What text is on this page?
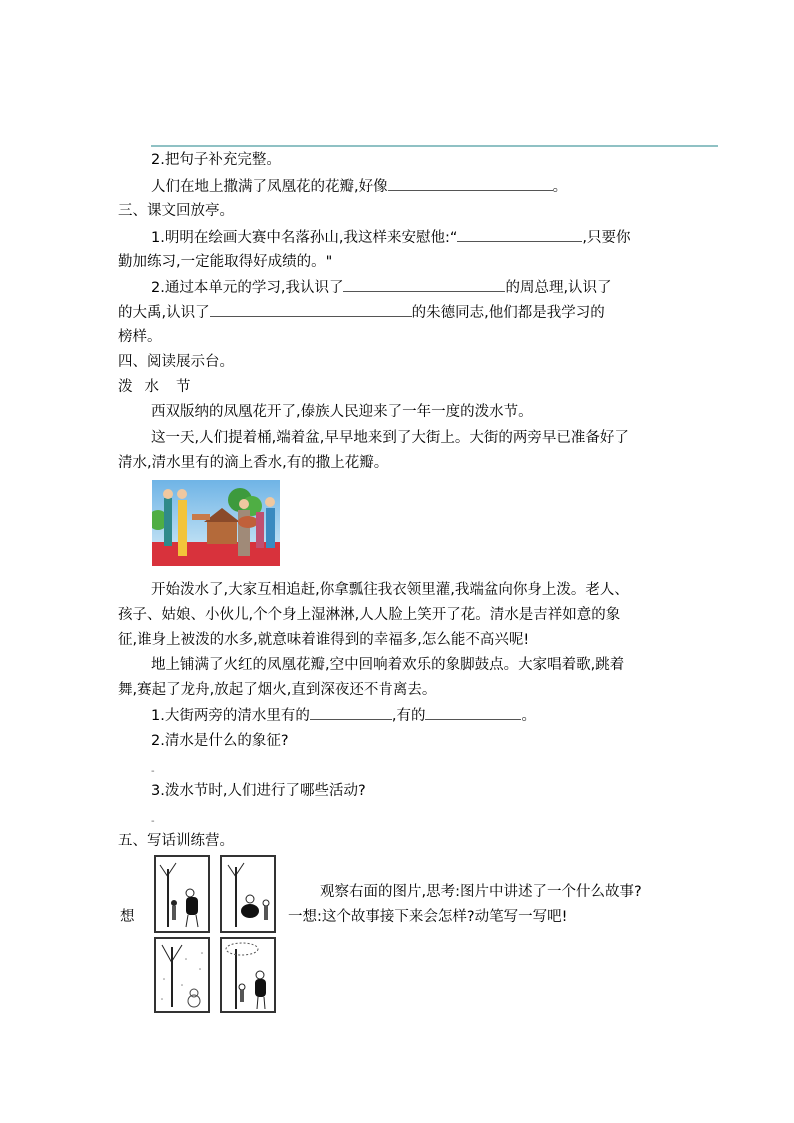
2.把句子补充完整。
人们在地上撒满了凤凰花的花瓣,好像	。
三、课文回放亭。
1.明明在绘画大赛中名落孙山,我这样来安慰他:“	,只要你
勤加练习,一定能取得好成绩的。"
2.通过本单元的学习,我认识了	的周总理,认识了
的大禹,认识了	的朱德同志,他们都是我学习的
榜样。
四、阅读展示台。
泼 水 节
西双版纳的凤凰花开了,傣族人民迎来了一年一度的泼水节。
这一天,人们提着桶,端着盆,早早地来到了大街上。大街的两旁早已准备好了
清水,清水里有的滴上香水,有的撒上花瓣。
开始泼水了,大家互相追赶,你拿瓢往我衣领里灌,我端盆向你身上泼。老人、
孩子、姑娘、小伙儿,个个身上湿淋淋,人人脸上笑开了花。清水是吉祥如意的象
征,谁身上被泼的水多,就意味着谁得到的幸福多,怎么能不高兴呢!
地上铺满了火红的凤凰花瓣,空中回响着欢乐的象脚鼓点。大家唱着歌,跳着
舞,赛起了龙舟,放起了烟火,直到深夜还不肯离去。
1.大街两旁的清水里有的	,有的	。
2.清水是什么的象征?
-
3.泼水节时,人们进行了哪些活动?
-
五、写话训练营。
想
观察右面的图片,思考:图片中讲述了一个什么故事?
一想:这个故事接下来会怎样?动笔写一写吧!
